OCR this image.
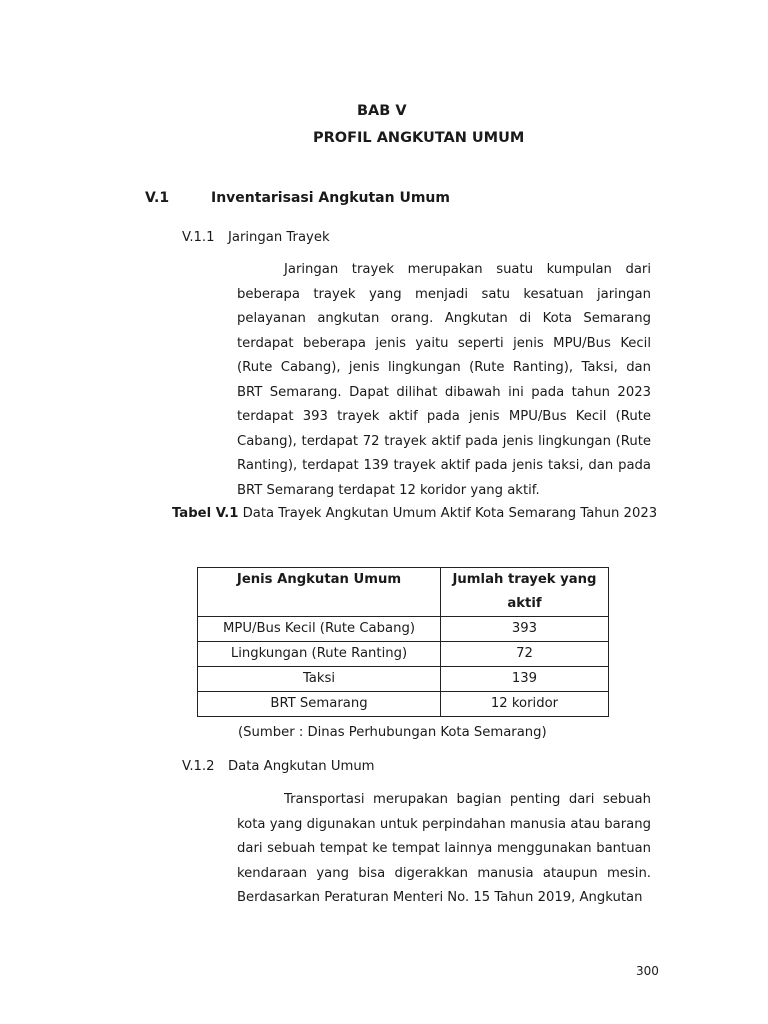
BAB V
PROFIL ANGKUTAN UMUM
V.1	Inventarisasi Angkutan Umum
V.1.1 Jaringan Trayek

Jaringan trayek merupakan suatu kumpulan dari beberapa trayek yang menjadi satu kesatuan jaringan pelayanan angkutan orang. Angkutan di Kota Semarang terdapat beberapa jenis yaitu seperti jenis MPU/Bus Kecil (Rute Cabang), jenis lingkungan (Rute Ranting), Taksi, dan BRT Semarang. Dapat dilihat dibawah ini pada tahun 2023 terdapat 393 trayek aktif pada jenis MPU/Bus Kecil (Rute Cabang), terdapat 72 trayek aktif pada jenis lingkungan (Rute Ranting), terdapat 139 trayek aktif pada jenis taksi, dan pada BRT Semarang terdapat 12 koridor yang aktif.

Tabel V.1 Data Trayek Angkutan Umum Aktif Kota Semarang Tahun 2023
Jenis Angkutan Umum	Jumlah trayek yang aktif
MPU/Bus Kecil (Rute Cabang)	393
Lingkungan (Rute Ranting)	72
Taksi	139
BRT Semarang	12 koridor
(Sumber : Dinas Perhubungan Kota Semarang)
V.1.2 Data Angkutan Umum

Transportasi merupakan bagian penting dari sebuah kota yang digunakan untuk perpindahan manusia atau barang dari sebuah tempat ke tempat lainnya menggunakan bantuan kendaraan yang bisa digerakkan manusia ataupun mesin. Berdasarkan Peraturan Menteri No. 15 Tahun 2019, Angkutan

300
